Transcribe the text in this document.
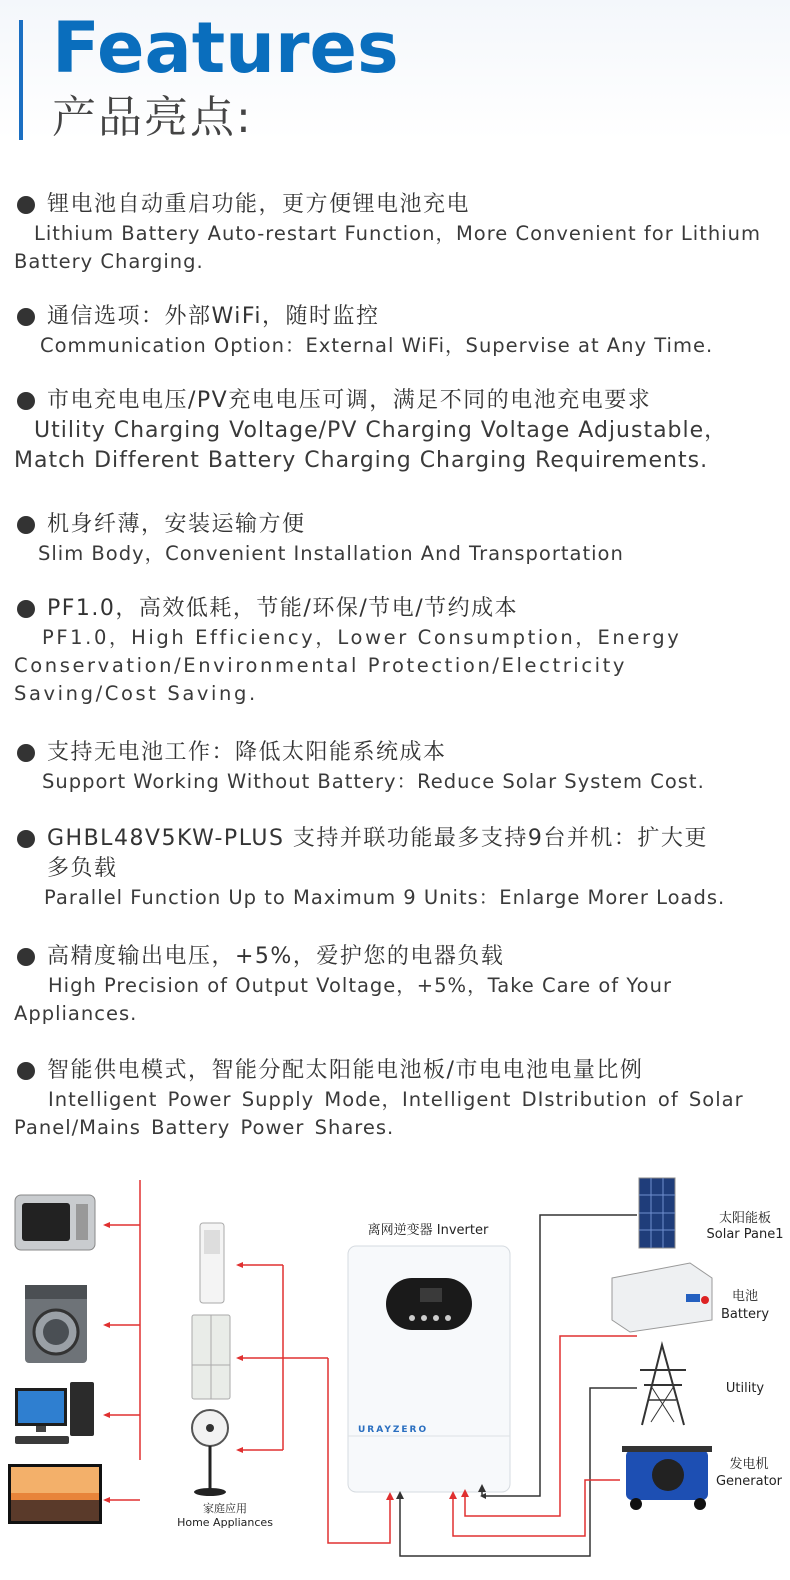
Features
产品亮点:
锂电池自动重启功能，更方便锂电池充电
Lithium Battery Auto-restart Function，More Convenient for Lithium Battery Charging.
通信选项：外部WiFi，随时监控
Communication Option：External WiFi，Supervise at Any Time.
市电充电电压/PV充电电压可调，满足不同的电池充电要求
Utility Charging Voltage/PV Charging Voltage Adjustable，Match Different Battery Charging Charging Requirements.
机身纤薄，安装运输方便
Slim Body，Convenient Installation And Transportation
PF1.0，高效低耗，节能/环保/节电/节约成本
PF1.0，High Efficiency，Lower Consumption，Energy Conservation/Environmental Protection/Electricity Saving/Cost Saving.
支持无电池工作：降低太阳能系统成本
Support Working Without Battery：Reduce Solar System Cost.
GHBL48V5KW-PLUS 支持并联功能最多支持9台并机：扩大更多负载
Parallel Function Up to Maximum 9 Units：Enlarge Morer Loads.
高精度输出电压，+5%，爱护您的电器负载
High Precision of Output Voltage，+5%，Take Care of Your Appliances.
智能供电模式，智能分配太阳能电池板/市电电池电量比例
Intelligent Power Supply Mode，Intelligent DIstribution of Solar Panel/Mains Battery Power Shares.
离网逆变器 Inverter
URAYZERO
家庭应用
Home Appliances
太阳能板
Solar Pane1
电池
Battery
Utility
发电机
Generator
